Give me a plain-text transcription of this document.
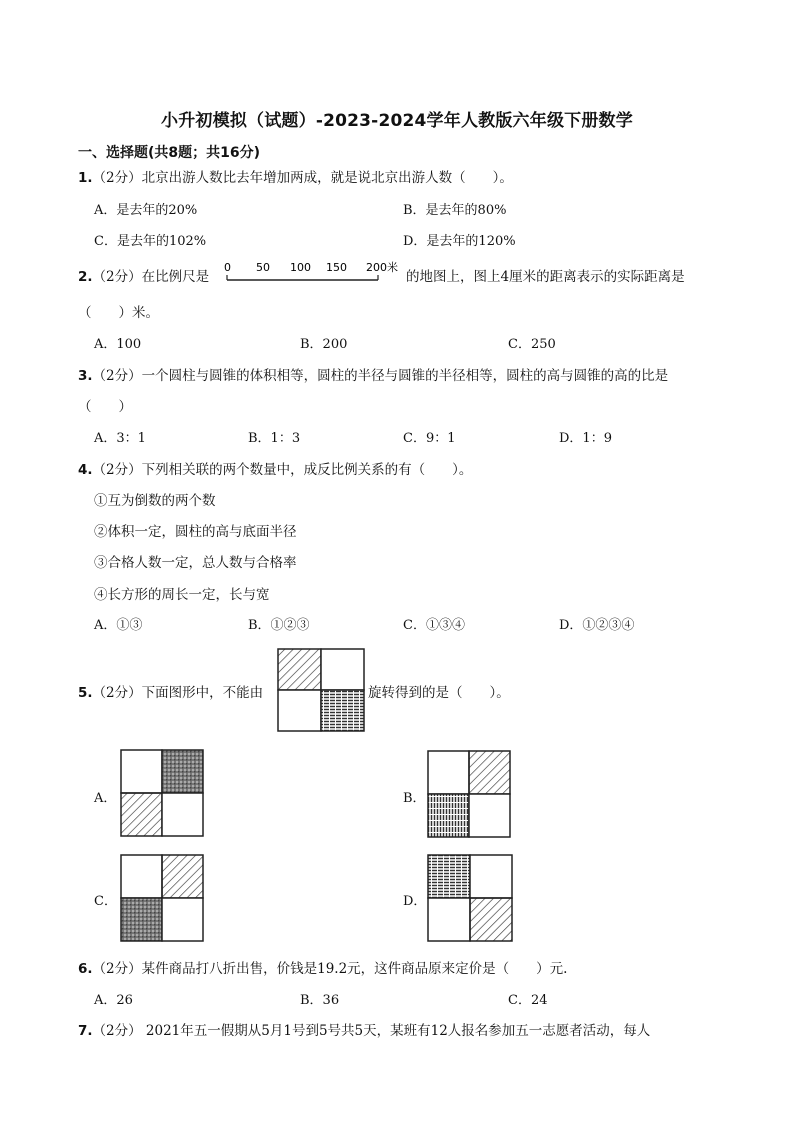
小升初模拟（试题）-2023-2024学年人教版六年级下册数学
一、选择题(共8题；共16分)
1.（2分）北京出游人数比去年增加两成，就是说北京出游人数（　　）。
A．是去年的20%	B．是去年的80%
C．是去年的102%	D．是去年的120%
2.（2分）在比例尺是
0 50 100 150 200米
的地图上，图上4厘米的距离表示的实际距离是
（　　）米。
A．100	B．200	C．250
3.（2分）一个圆柱与圆锥的体积相等，圆柱的半径与圆锥的半径相等，圆柱的高与圆锥的高的比是
（　　）
A．3：1	B．1：3	C．9：1	D．1：9
4.（2分）下列相关联的两个数量中，成反比例关系的有（　　）。
①互为倒数的两个数
②体积一定，圆柱的高与底面半径
③合格人数一定，总人数与合格率
④长方形的周长一定，长与宽
A．①③	B．①②③	C．①③④	D．①②③④
5.（2分）下面图形中，不能由	旋转得到的是（　　）。
A．	B．
C．	D．
6.（2分）某件商品打八折出售，价钱是19.2元，这件商品原来定价是（　　）元.
A．26	B．36	C．24
7.（2分） 2021年五一假期从5月1号到5号共5天，某班有12人报名参加五一志愿者活动，每人
